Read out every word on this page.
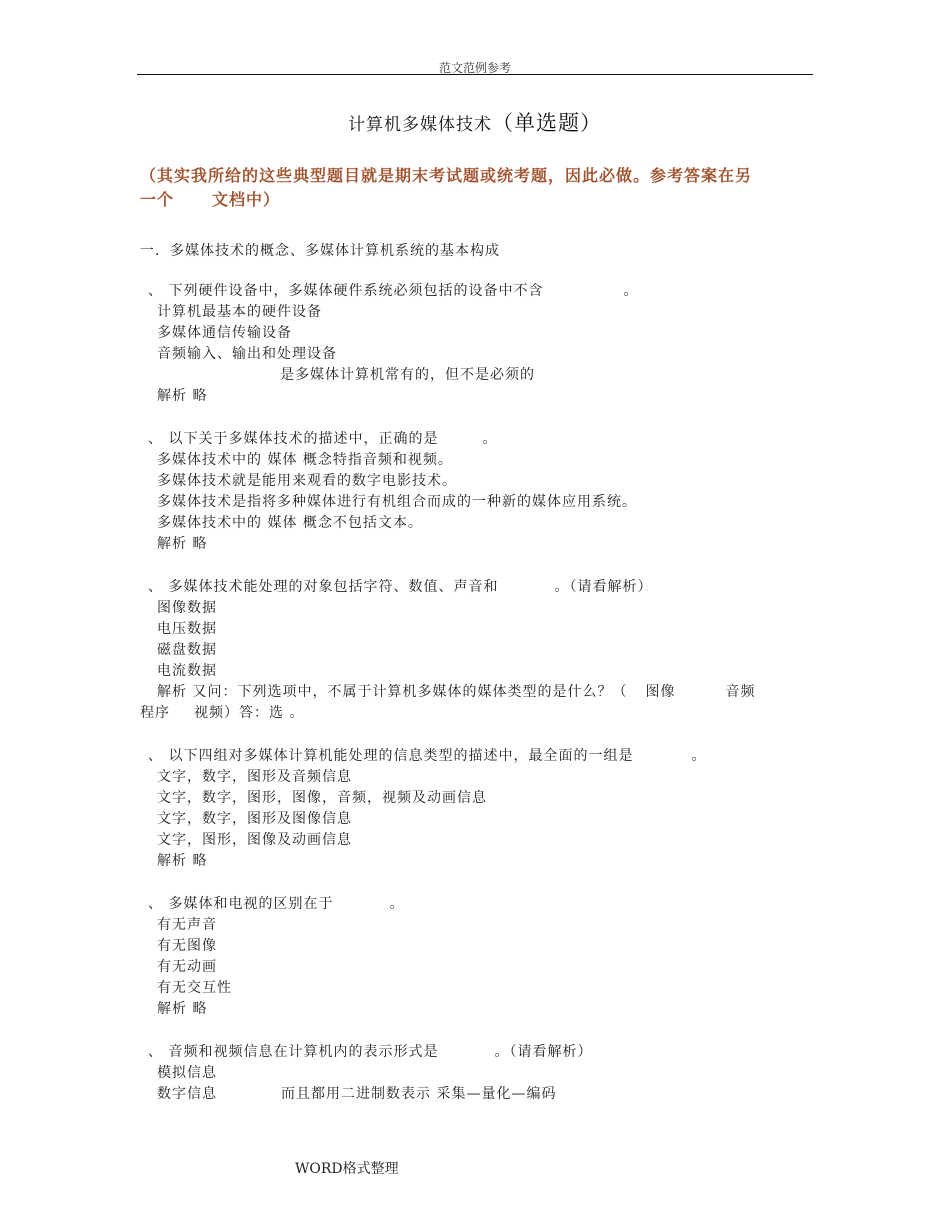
范文范例参考
计算机多媒体技术（单选题）
（其实我所给的这些典型题目就是期末考试题或统考题，因此必做。参考答案在另
一个 文档中）
一．多媒体技术的概念、多媒体计算机系统的基本构成
、 下列硬件设备中，多媒体硬件系统必须包括的设备中不含	。
计算机最基本的硬件设备
多媒体通信传输设备
音频输入、输出和处理设备
是多媒体计算机常有的，但不是必须的
解析 略
、 以下关于多媒体技术的描述中，正确的是	。
多媒体技术中的 媒体 概念特指音频和视频。
多媒体技术就是能用来观看的数字电影技术。
多媒体技术是指将多种媒体进行有机组合而成的一种新的媒体应用系统。
多媒体技术中的 媒体 概念不包括文本。
解析 略
、 多媒体技术能处理的对象包括字符、数值、声音和	。（请看解析）
图像数据
电压数据
磁盘数据
电流数据
解析 又问：下列选项中，不属于计算机多媒体的媒体类型的是什么？（ 图像	音频
程序 视频）答：选 。
、 以下四组对多媒体计算机能处理的信息类型的描述中，最全面的一组是	。
文字，数字，图形及音频信息
文字，数字，图形，图像，音频，视频及动画信息
文字，数字，图形及图像信息
文字，图形，图像及动画信息
解析 略
、 多媒体和电视的区别在于	。
有无声音
有无图像
有无动画
有无交互性
解析 略
、 音频和视频信息在计算机内的表示形式是	。（请看解析）
模拟信息
数字信息	而且都用二进制数表示 采集—量化—编码
WORD格式整理
